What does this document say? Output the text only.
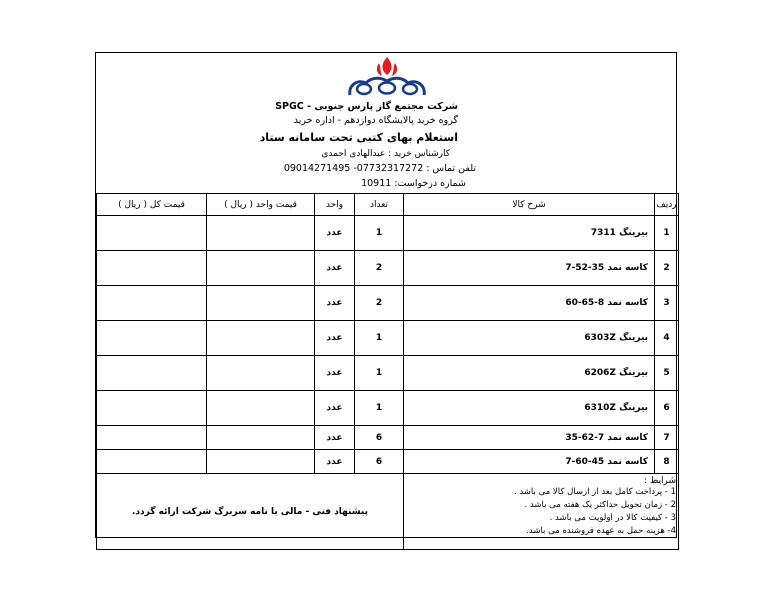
شرکت مجتمع گاز پارس جنوبی - SPGC
گروه خرید پالایشگاه دوازدهم - اداره خرید
استعلام بهای کتبی تحت سامانه ستاد
کارشناس خرید : عبدالهادی احمدی
تلفن تماس : 07732317272- 09014271495
شماره درخواست: 10911
ردیف	شرح کالا	تعداد	واحد	قیمت واحد ( ریال )	قیمت کل ( ریال )
1	بیرینگ 7311	1	عدد		
2	کاسه نمد 35-52-7	2	عدد		
3	کاسه نمد 8-65-60	2	عدد		
4	بیرینگ 6303Z	1	عدد		
5	بیرینگ 6206Z	1	عدد		
6	بیرینگ 6310Z	1	عدد		
7	کاسه نمد 7-62-35	6	عدد		
8	کاسه نمد 45-60-7	6	عدد		

شرایط :
1 - پرداخت کامل بعد از ارسال کالا می باشد .
2 - زمان تحویل حداکثر یک هفته می باشد .
3 - کیفیت کالا در اولویت می باشد .
4- هزینه حمل به عهده فروشنده می باشد.		پیشنهاد فنی - مالی با نامه سربرگ شرکت ارائه گردد.			
